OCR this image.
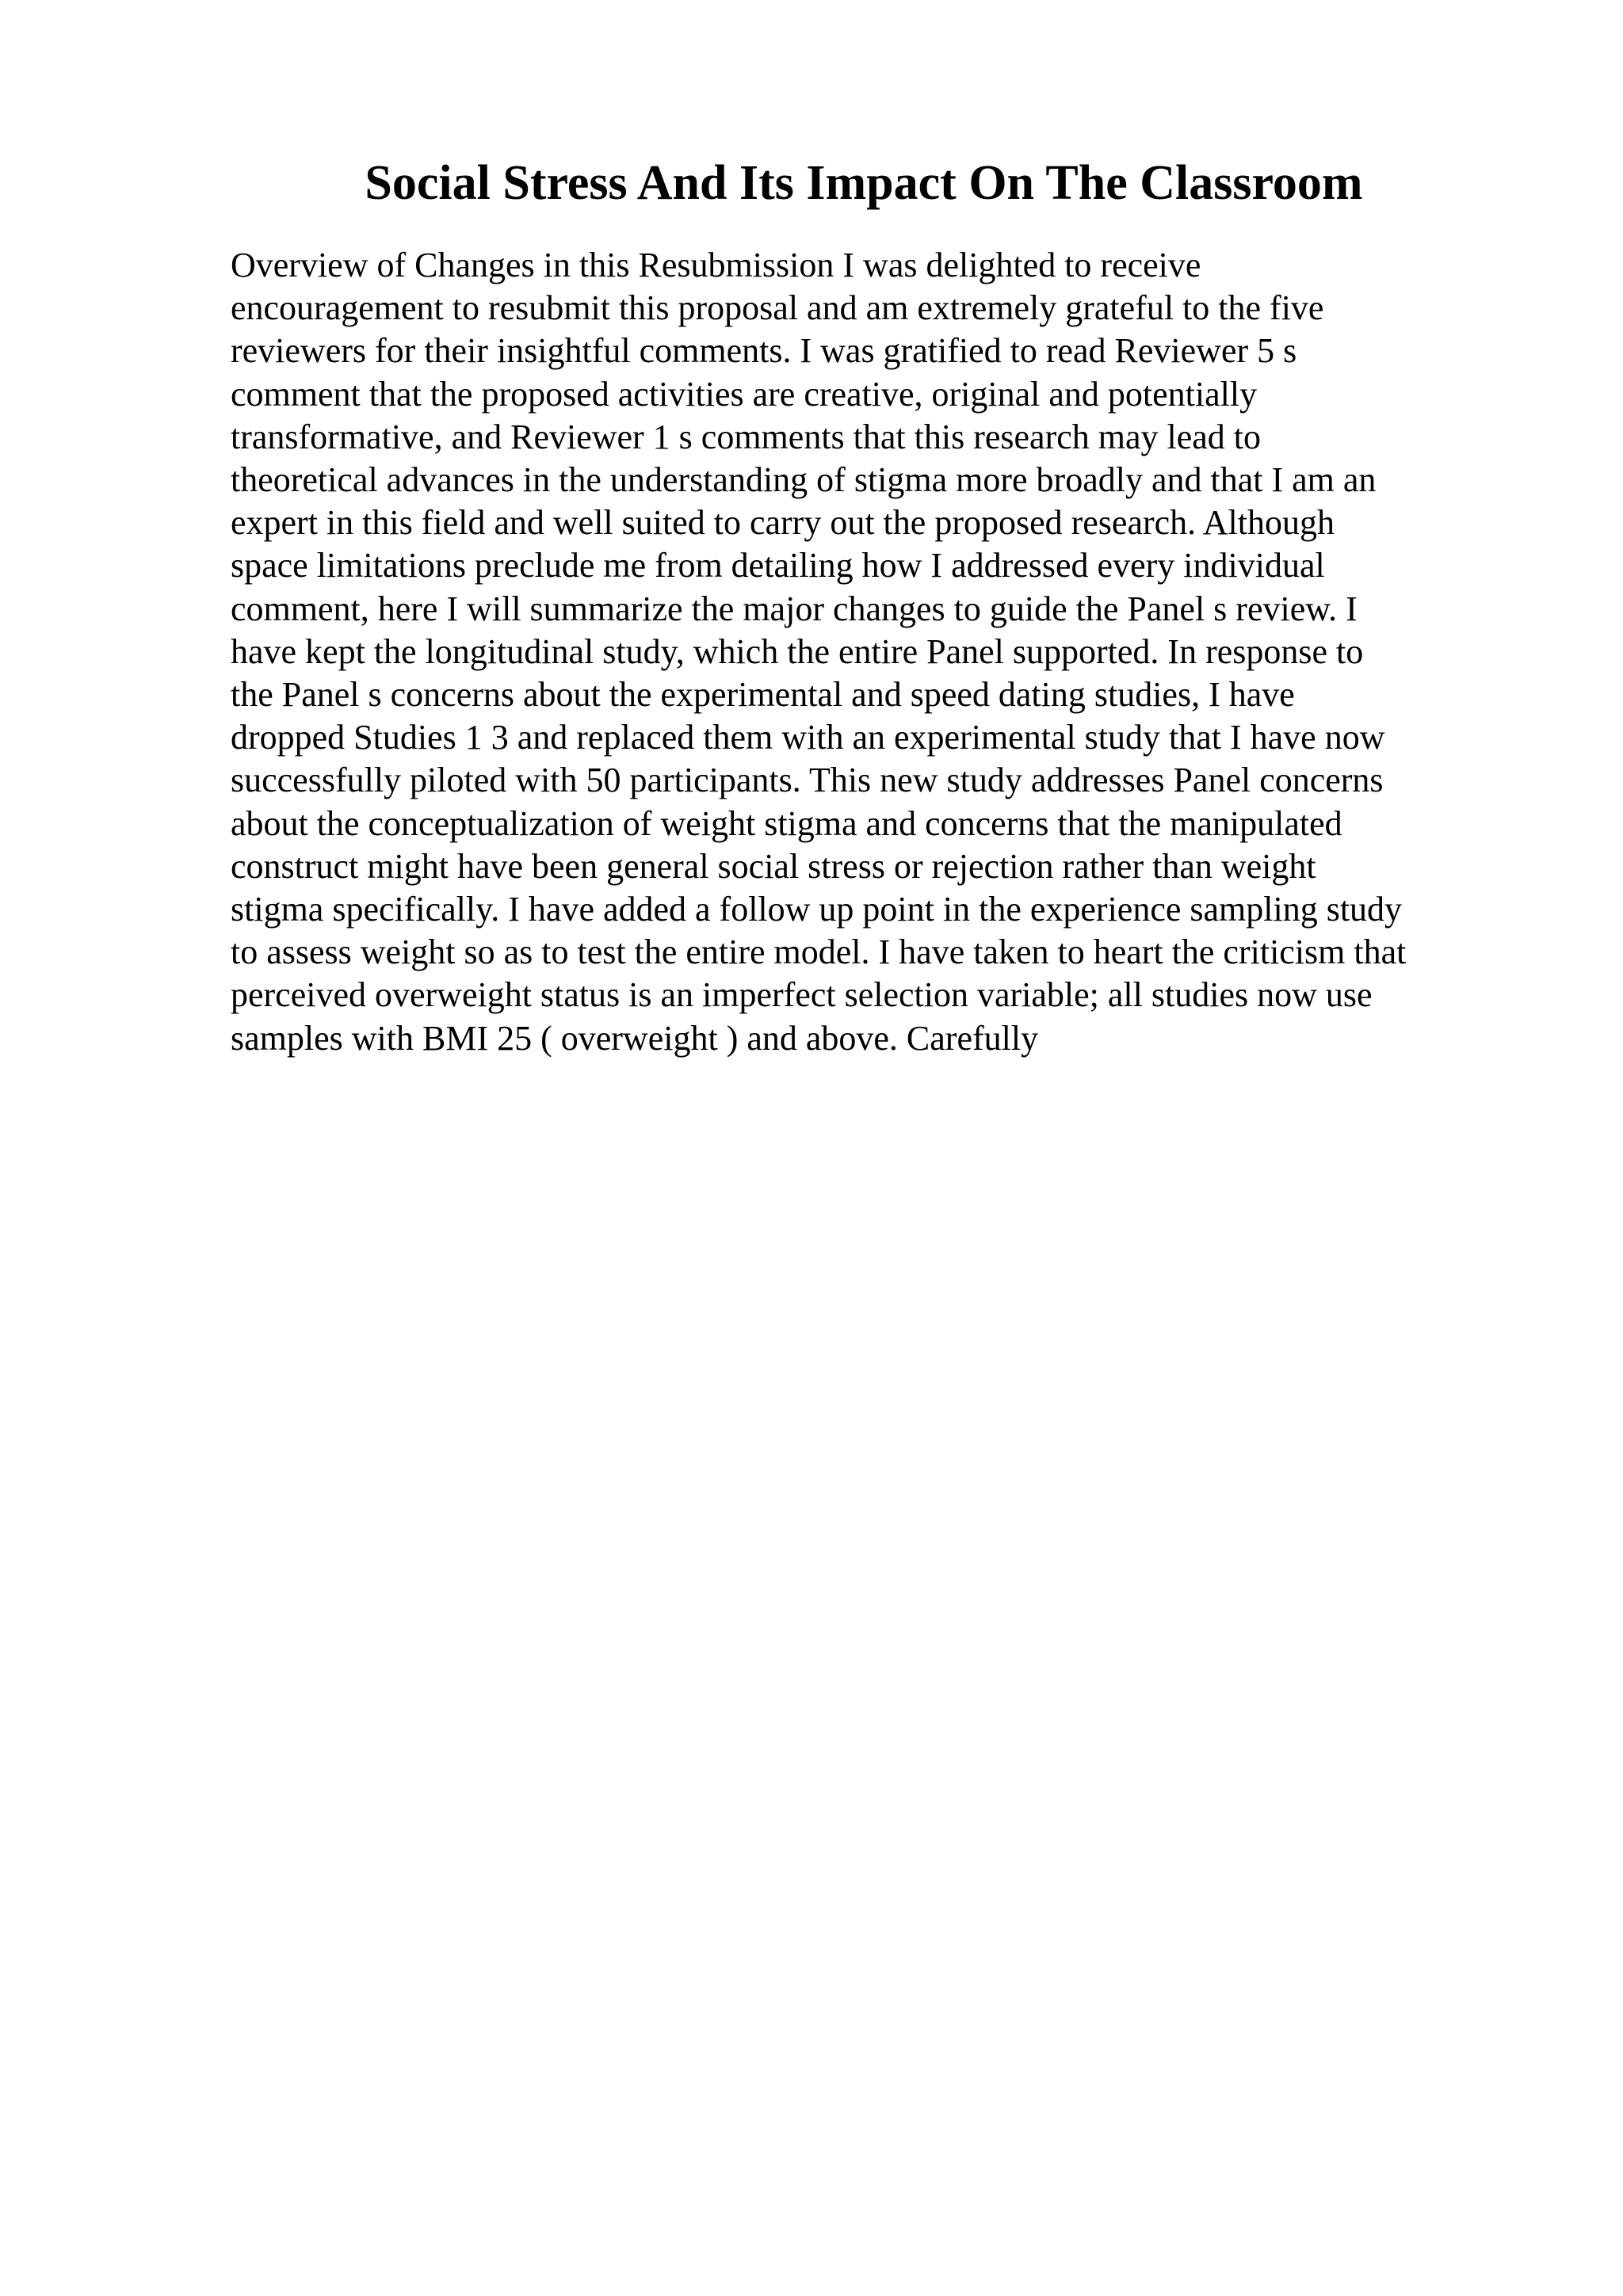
Social Stress And Its Impact On The Classroom

Overview of Changes in this Resubmission I was delighted to receive
encouragement to resubmit this proposal and am extremely grateful to the five
reviewers for their insightful comments. I was gratified to read Reviewer 5 s
comment that the proposed activities are creative, original and potentially
transformative, and Reviewer 1 s comments that this research may lead to
theoretical advances in the understanding of stigma more broadly and that I am an
expert in this field and well suited to carry out the proposed research. Although
space limitations preclude me from detailing how I addressed every individual
comment, here I will summarize the major changes to guide the Panel s review. I
have kept the longitudinal study, which the entire Panel supported. In response to
the Panel s concerns about the experimental and speed dating studies, I have
dropped Studies 1 3 and replaced them with an experimental study that I have now
successfully piloted with 50 participants. This new study addresses Panel concerns
about the conceptualization of weight stigma and concerns that the manipulated
construct might have been general social stress or rejection rather than weight
stigma specifically. I have added a follow up point in the experience sampling study
to assess weight so as to test the entire model. I have taken to heart the criticism that
perceived overweight status is an imperfect selection variable; all studies now use
samples with BMI 25 ( overweight ) and above. Carefully
